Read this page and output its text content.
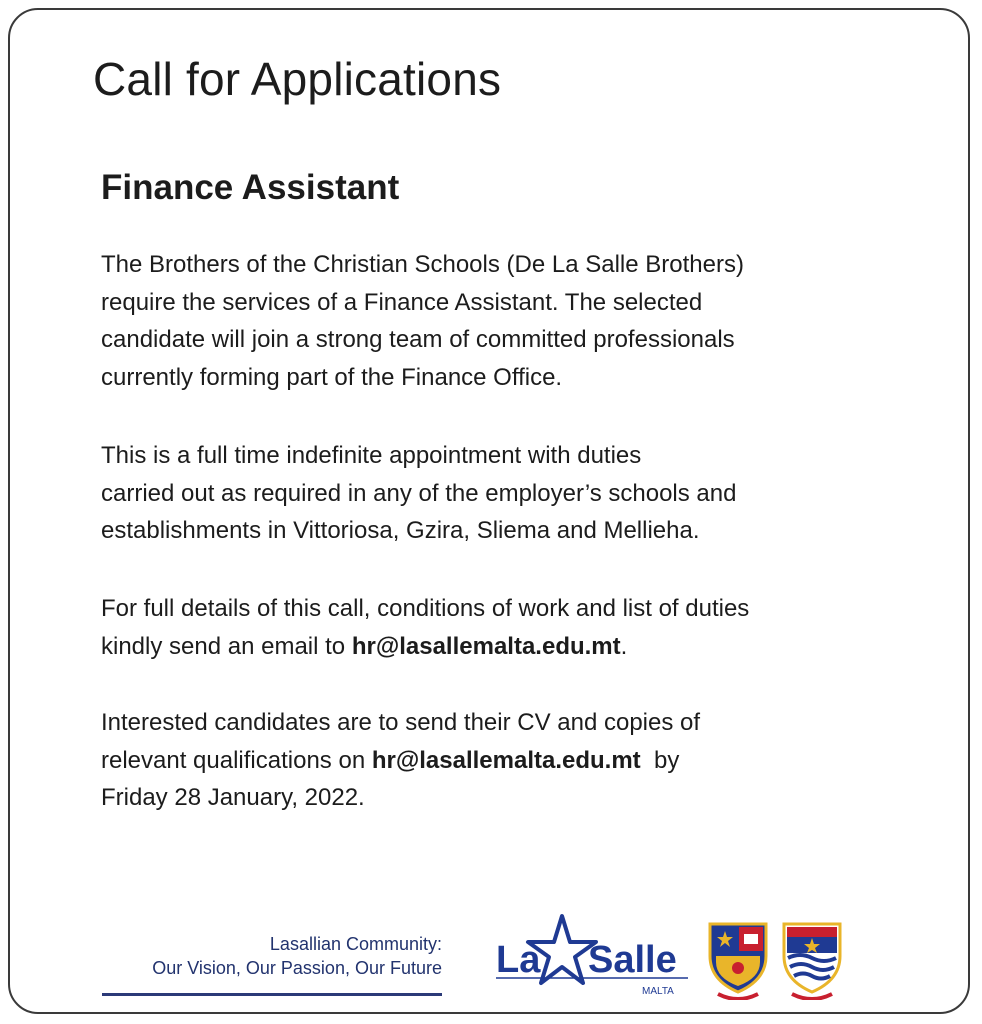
Call for Applications
Finance Assistant

The Brothers of the Christian Schools (De La Salle Brothers)
require the services of a Finance Assistant. The selected
candidate will join a strong team of committed professionals
currently forming part of the Finance Office.

This is a full time indefinite appointment with duties
carried out as required in any of the employer’s schools and
establishments in Vittoriosa, Gzira, Sliema and Mellieha.

For full details of this call, conditions of work and list of duties
kindly send an email to hr@lasallemalta.edu.mt.

Interested candidates are to send their CV and copies of
relevant qualifications on hr@lasallemalta.edu.mt  by
Friday 28 January, 2022.

Lasallian Community:
Our Vision, Our Passion, Our Future La Salle
MALTA
